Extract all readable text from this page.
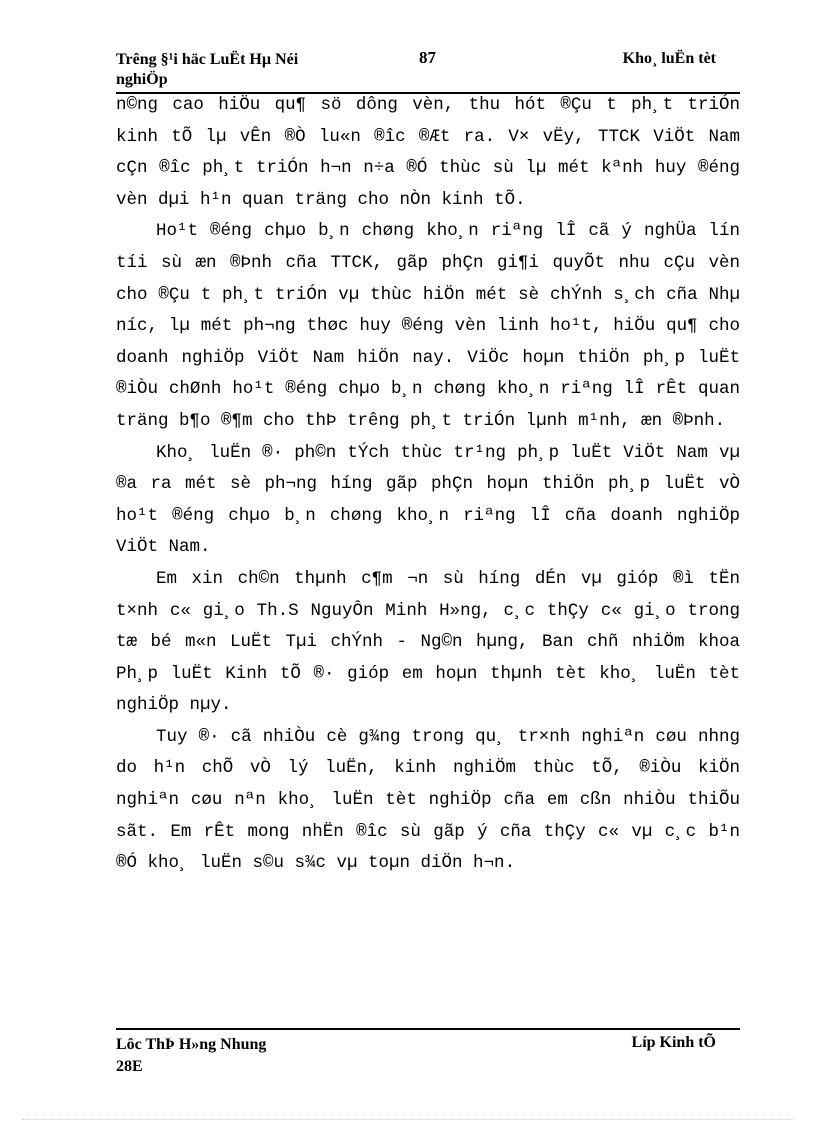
Trêng §¹i häc LuËt Hµ Néi
nghiÖp
87	Kho¸ luËn tèt

n©ng cao hiÖu qu¶ sö dông vèn, thu hót ®Çu t ph¸t triÓn kinh tÕ lµ vÊn ®Ò lu«n ®îc ®Æt ra. V× vËy, TTCK ViÖt Nam cÇn ®îc ph¸t triÓn h¬n n÷a ®Ó thùc sù lµ mét kªnh huy ®éng vèn dµi h¹n quan träng cho nÒn kinh tÕ.

Ho¹t ®éng chµo b¸n chøng kho¸n riªng lÎ cã ý nghÜa lín tíi sù æn ®Þnh cña TTCK, gãp phÇn gi¶i quyÕt nhu cÇu vèn cho ®Çu t ph¸t triÓn vµ thùc hiÖn mét sè chÝnh s¸ch cña Nhµ níc, lµ mét ph¬ng thøc huy ®éng vèn linh ho¹t, hiÖu qu¶ cho doanh nghiÖp ViÖt Nam hiÖn nay. ViÖc hoµn thiÖn ph¸p luËt ®iÒu chØnh ho¹t ®éng chµo b¸n chøng kho¸n riªng lÎ rÊt quan träng b¶o ®¶m cho thÞ trêng ph¸t triÓn lµnh m¹nh, æn ®Þnh.

Kho¸ luËn ®· ph©n tÝch thùc tr¹ng ph¸p luËt ViÖt Nam vµ ®a ra mét sè ph¬ng híng gãp phÇn hoµn thiÖn ph¸p luËt vÒ ho¹t ®éng chµo b¸n chøng kho¸n riªng lÎ cña doanh nghiÖp ViÖt Nam.

Em xin ch©n thµnh c¶m ¬n sù híng dÉn vµ gióp ®ì tËn t×nh c« gi¸o Th.S NguyÔn Minh H»ng, c¸c thÇy c« gi¸o trong tæ bé m«n LuËt Tµi chÝnh - Ng©n hµng, Ban chñ nhiÖm khoa Ph¸p luËt Kinh tÕ ®· gióp em hoµn thµnh tèt kho¸ luËn tèt nghiÖp nµy.

Tuy ®· cã nhiÒu cè g¾ng trong qu¸ tr×nh nghiªn cøu nhng do h¹n chÕ vÒ lý luËn, kinh nghiÖm thùc tÕ, ®iÒu kiÖn nghiªn cøu nªn kho¸ luËn tèt nghiÖp cña em cßn nhiÒu thiÕu sãt. Em rÊt mong nhËn ®îc sù gãp ý cña thÇy c« vµ c¸c b¹n ®Ó kho¸ luËn s©u s¾c vµ toµn diÖn h¬n.

Lôc ThÞ H»ng Nhung
28E
Líp Kinh tÕ
